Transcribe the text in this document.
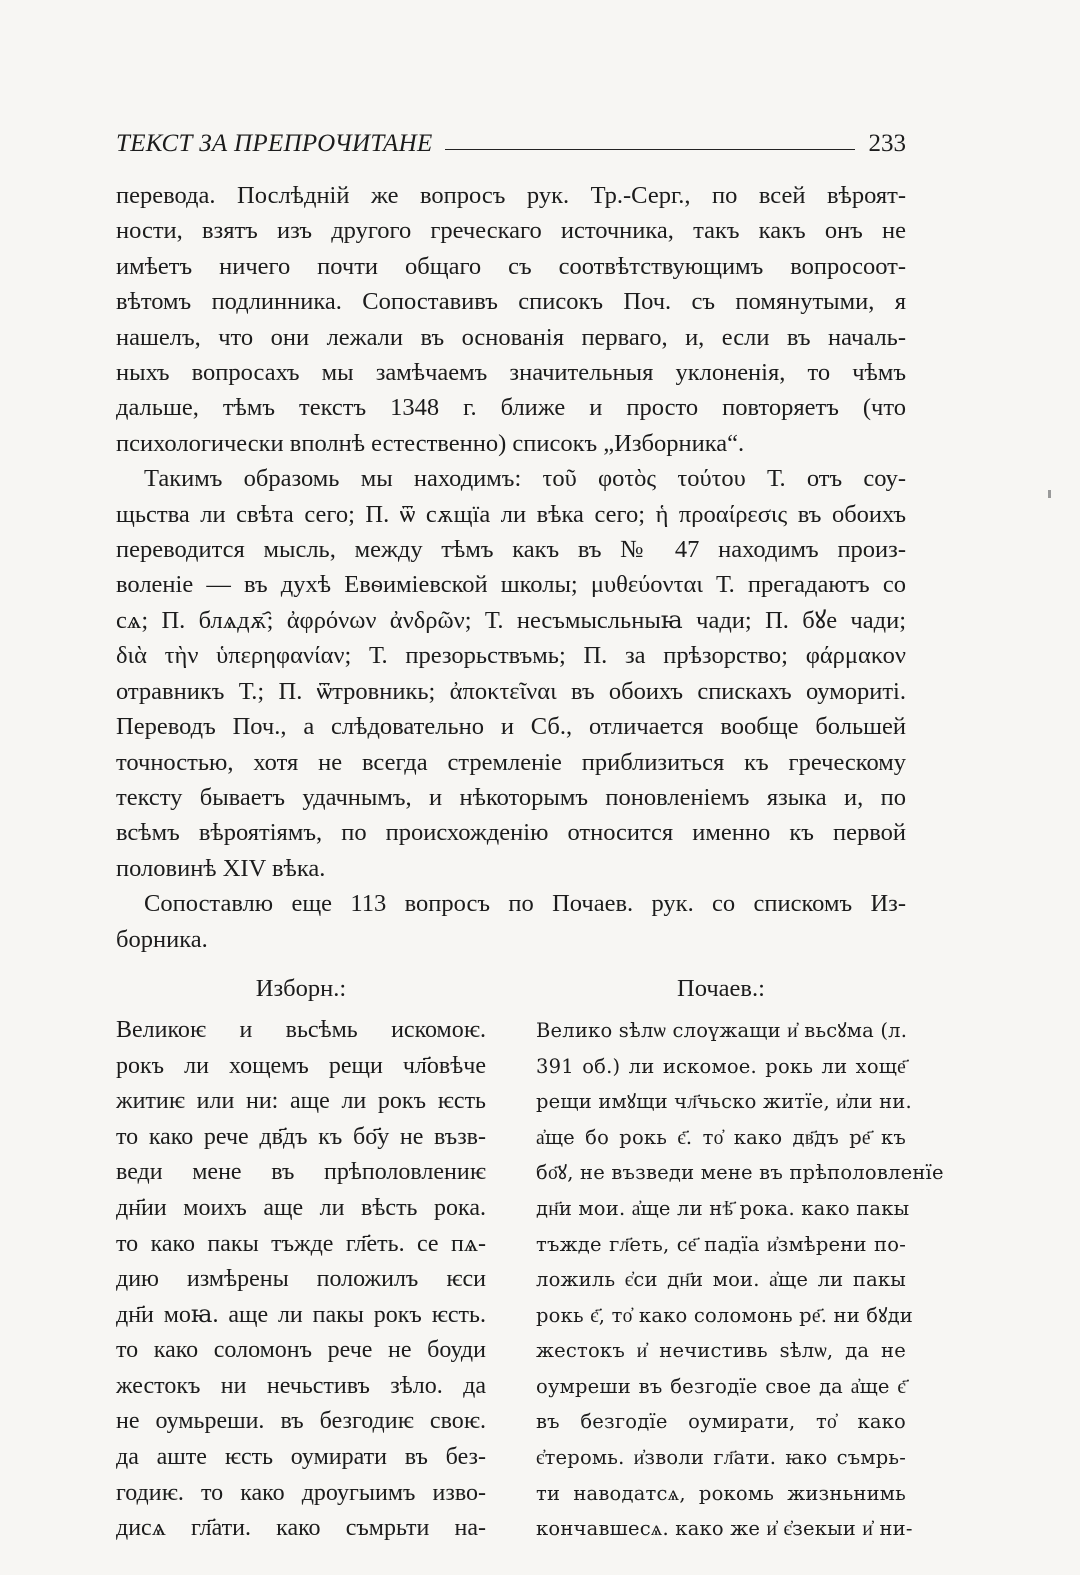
ТЕКСТ ЗА ПРЕПРОЧИТАНЕ	233

перевода. Послѣднiй же вопросъ рук. Тр.-Серг., по всей вѣроят-
ности, взятъ изъ другого греческаго источника, такъ какъ онъ не
имѣетъ ничего почти общаго съ соотвѣтствующимъ вопросоот-
вѣтомъ подлинника. Сопоставивъ списокъ Поч. съ помянутыми, я
нашелъ, что они лежали въ основанiя перваго, и, если въ началь-
ныхъ вопросахъ мы замѣчаемъ значительныя уклоненiя, то чѣмъ
дальше, тѣмъ текстъ 1348 г. ближе и просто повторяетъ (что
психологически вполнѣ естественно) списокъ „Изборника“.

Такимъ образомь мы находимъ: τοῦ φοτὸς τούτου Т. отъ соу-
щьства ли свѣта сего; П. ѿ сѫщїа ли вѣка сего; ἡ προαίρεσις въ обоихъ
переводится мысль, между тѣмъ какъ въ № 47 находимъ произ-
воленiе — въ духѣ Евѳимiевской школы; μυθεύονται Т. прегадаютъ со
сѧ; П. блѧдѫ҄; ἀφρόνων ἀνδρῶν; Т. несъмысльныꙗ чади; П. бꙋе чади;
διὰ τὴν ὑπερηφανίαν; Т. презорьствъмь; П. за прѣзорство; φάρμακον
отравникъ Т.; П. ѿтровникь; ἀποκτεῖναι въ обоихъ спискахъ оумориті.
Переводъ Поч., а слѣдовательно и Сб., отличается вообще большей
точностью, хотя не всегда стремленiе приблизиться къ греческому
тексту бываетъ удачнымъ, и нѣкоторымъ поновленiемъ языка и, по
всѣмъ вѣроятiямъ, по происхожденiю относится именно къ первой
половинѣ XIV вѣка.

Сопоставлю еще 113 вопросъ по Почаев. рук. со спискомъ Из-
борника.

Изборн.:
Великоѥ и вьсѣмь искомоѥ.
рокъ ли хощемъ рещи чл҃овѣче
житиѥ или ни: аще ли рокъ ѥсть
то како рече дв҃дъ къ бо҃у не възв-
веди мене въ прѣполовлениѥ
дн҃ии моихъ аще ли вѣсть рока.
то како пакы тъжде гл҃еть. се пѧ-
дию измѣрены положилъ ѥси
дн҃и моꙗ. аще ли пакы рокъ ѥсть.
то како соломонъ рече не боуди
жестокъ ни нечьстивъ зѣло. да
не оумьреши. въ безгодиѥ своѥ.
да аште ѥсть оумирати въ без-
годиѥ. то како дроугыимъ изво-
дисѧ гл҃ати. како съмрьти на-
Почаев.:
Велико ѕѣлѡ слоүжащи и҆ вьсꙋма (л.
391 об.) ли искомое. рокь ли хоще҃
рещи имꙋщи чл҃чьско житїе, и҆ли ни.
а҆ще бо рокь є҃. то҆ како дв҃дъ ре҃ къ
бо҃ꙋ, не възведи мене въ прѣполовленїе
дн҃и мои. а҆ще ли нѣ҃ рока. како пакы
тъжде гл҃еть, се҃ падїа и҆змѣрени по-
ложиль є҆си дн҃и мои. а҆ще ли пакы
рокь є҃, то҆ како соломонь ре҃. ни бꙋди
жестокъ и҆ нечистивь ѕѣлѡ, да не
оумреши въ безгодїе свое да а҆ще є҃
въ безгодїе оумирати, то҆ како
є҆теромь. и҆зволи гл҃ати. ꙗко съмрь-
ти наводатсѧ, рокомь жизньнимь
кончавшесѧ. како же и҆ є҆зекыи и҆ ни-
